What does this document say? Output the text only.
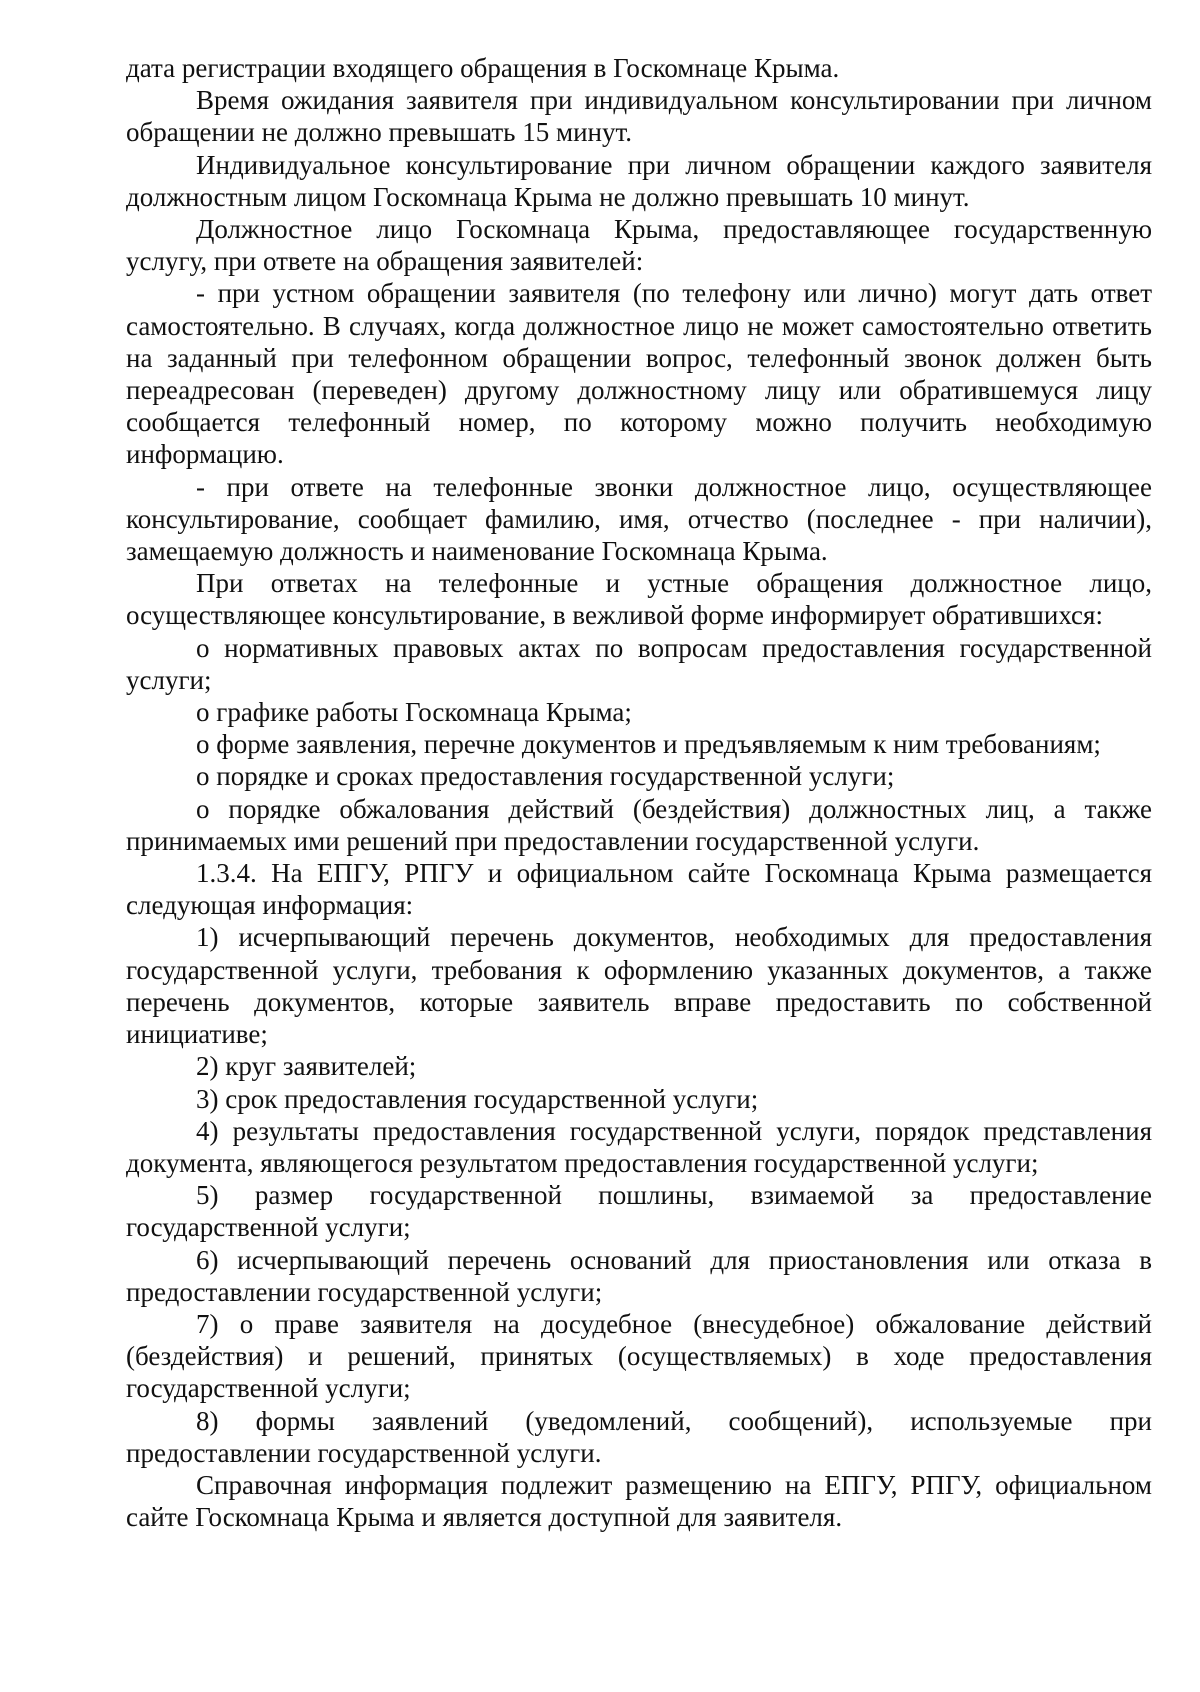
дата регистрации входящего обращения в Госкомнаце Крыма.

Время ожидания заявителя при индивидуальном консультировании при личном обращении не должно превышать 15 минут.

Индивидуальное консультирование при личном обращении каждого заявителя должностным лицом Госкомнаца Крыма не должно превышать 10 минут.

Должностное лицо Госкомнаца Крыма, предоставляющее государственную услугу, при ответе на обращения заявителей:

- при устном обращении заявителя (по телефону или лично) могут дать ответ самостоятельно. В случаях, когда должностное лицо не может самостоятельно ответить на заданный при телефонном обращении вопрос, телефонный звонок должен быть переадресован (переведен) другому должностному лицу или обратившемуся лицу сообщается телефонный номер, по которому можно получить необходимую информацию.

- при ответе на телефонные звонки должностное лицо, осуществляющее консультирование, сообщает фамилию, имя, отчество (последнее - при наличии), замещаемую должность и наименование Госкомнаца Крыма.

При ответах на телефонные и устные обращения должностное лицо, осуществляющее консультирование, в вежливой форме информирует обратившихся:

о нормативных правовых актах по вопросам предоставления государственной услуги;

о графике работы Госкомнаца Крыма;

о форме заявления, перечне документов и предъявляемым к ним требованиям;

о порядке и сроках предоставления государственной услуги;

о порядке обжалования действий (бездействия) должностных лиц, а также принимаемых ими решений при предоставлении государственной услуги.

1.3.4. На ЕПГУ, РПГУ и официальном сайте Госкомнаца Крыма размещается следующая информация:

1) исчерпывающий перечень документов, необходимых для предоставления государственной услуги, требования к оформлению указанных документов, а также перечень документов, которые заявитель вправе предоставить по собственной инициативе;

2) круг заявителей;

3) срок предоставления государственной услуги;

4) результаты предоставления государственной услуги, порядок представления документа, являющегося результатом предоставления государственной услуги;

5) размер государственной пошлины, взимаемой за предоставление государственной услуги;

6) исчерпывающий перечень оснований для приостановления или отказа в предоставлении государственной услуги;

7) о праве заявителя на досудебное (внесудебное) обжалование действий (бездействия) и решений, принятых (осуществляемых) в ходе предоставления государственной услуги;

8) формы заявлений (уведомлений, сообщений), используемые при предоставлении государственной услуги.

Справочная информация подлежит размещению на ЕПГУ, РПГУ, официальном сайте Госкомнаца Крыма и является доступной для заявителя.
